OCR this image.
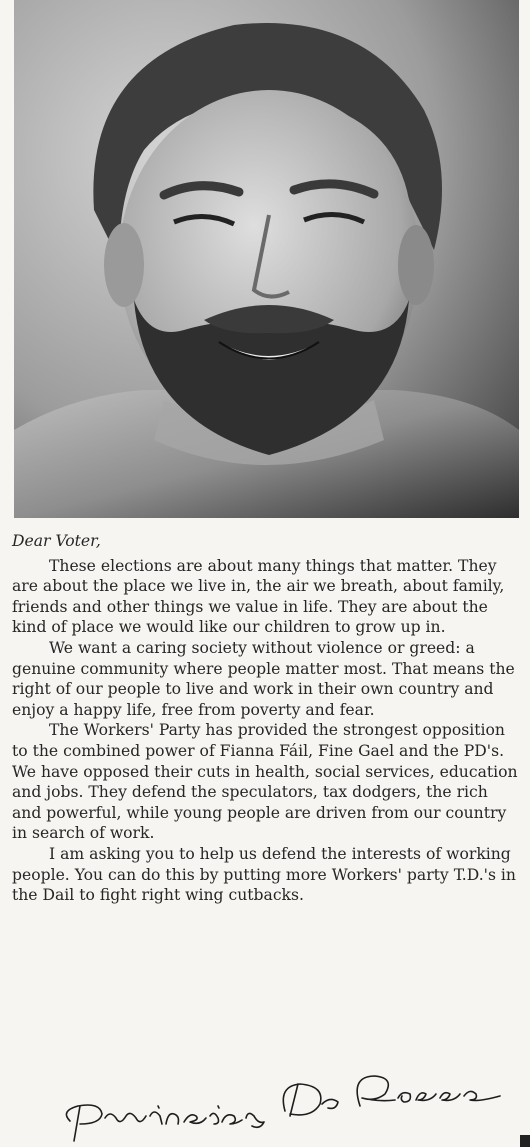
Dear Voter,

These elections are about many things that matter. They are about the place we live in, the air we breath, about family, friends and other things we value in life. They are about the kind of place we would like our children to grow up in.

We want a caring society without violence or greed: a genuine community where people matter most. That means the right of our people to live and work in their own country and enjoy a happy life, free from poverty and fear.

The Workers' Party has provided the strongest opposition to the combined power of Fianna Fáil, Fine Gael and the PD's. We have opposed their cuts in health, social services, education and jobs. They defend the speculators, tax dodgers, the rich and powerful, while young people are driven from our country in search of work.

I am asking you to help us defend the interests of working people. You can do this by putting more Workers' party T.D.'s in the Dail to fight right wing cutbacks.
